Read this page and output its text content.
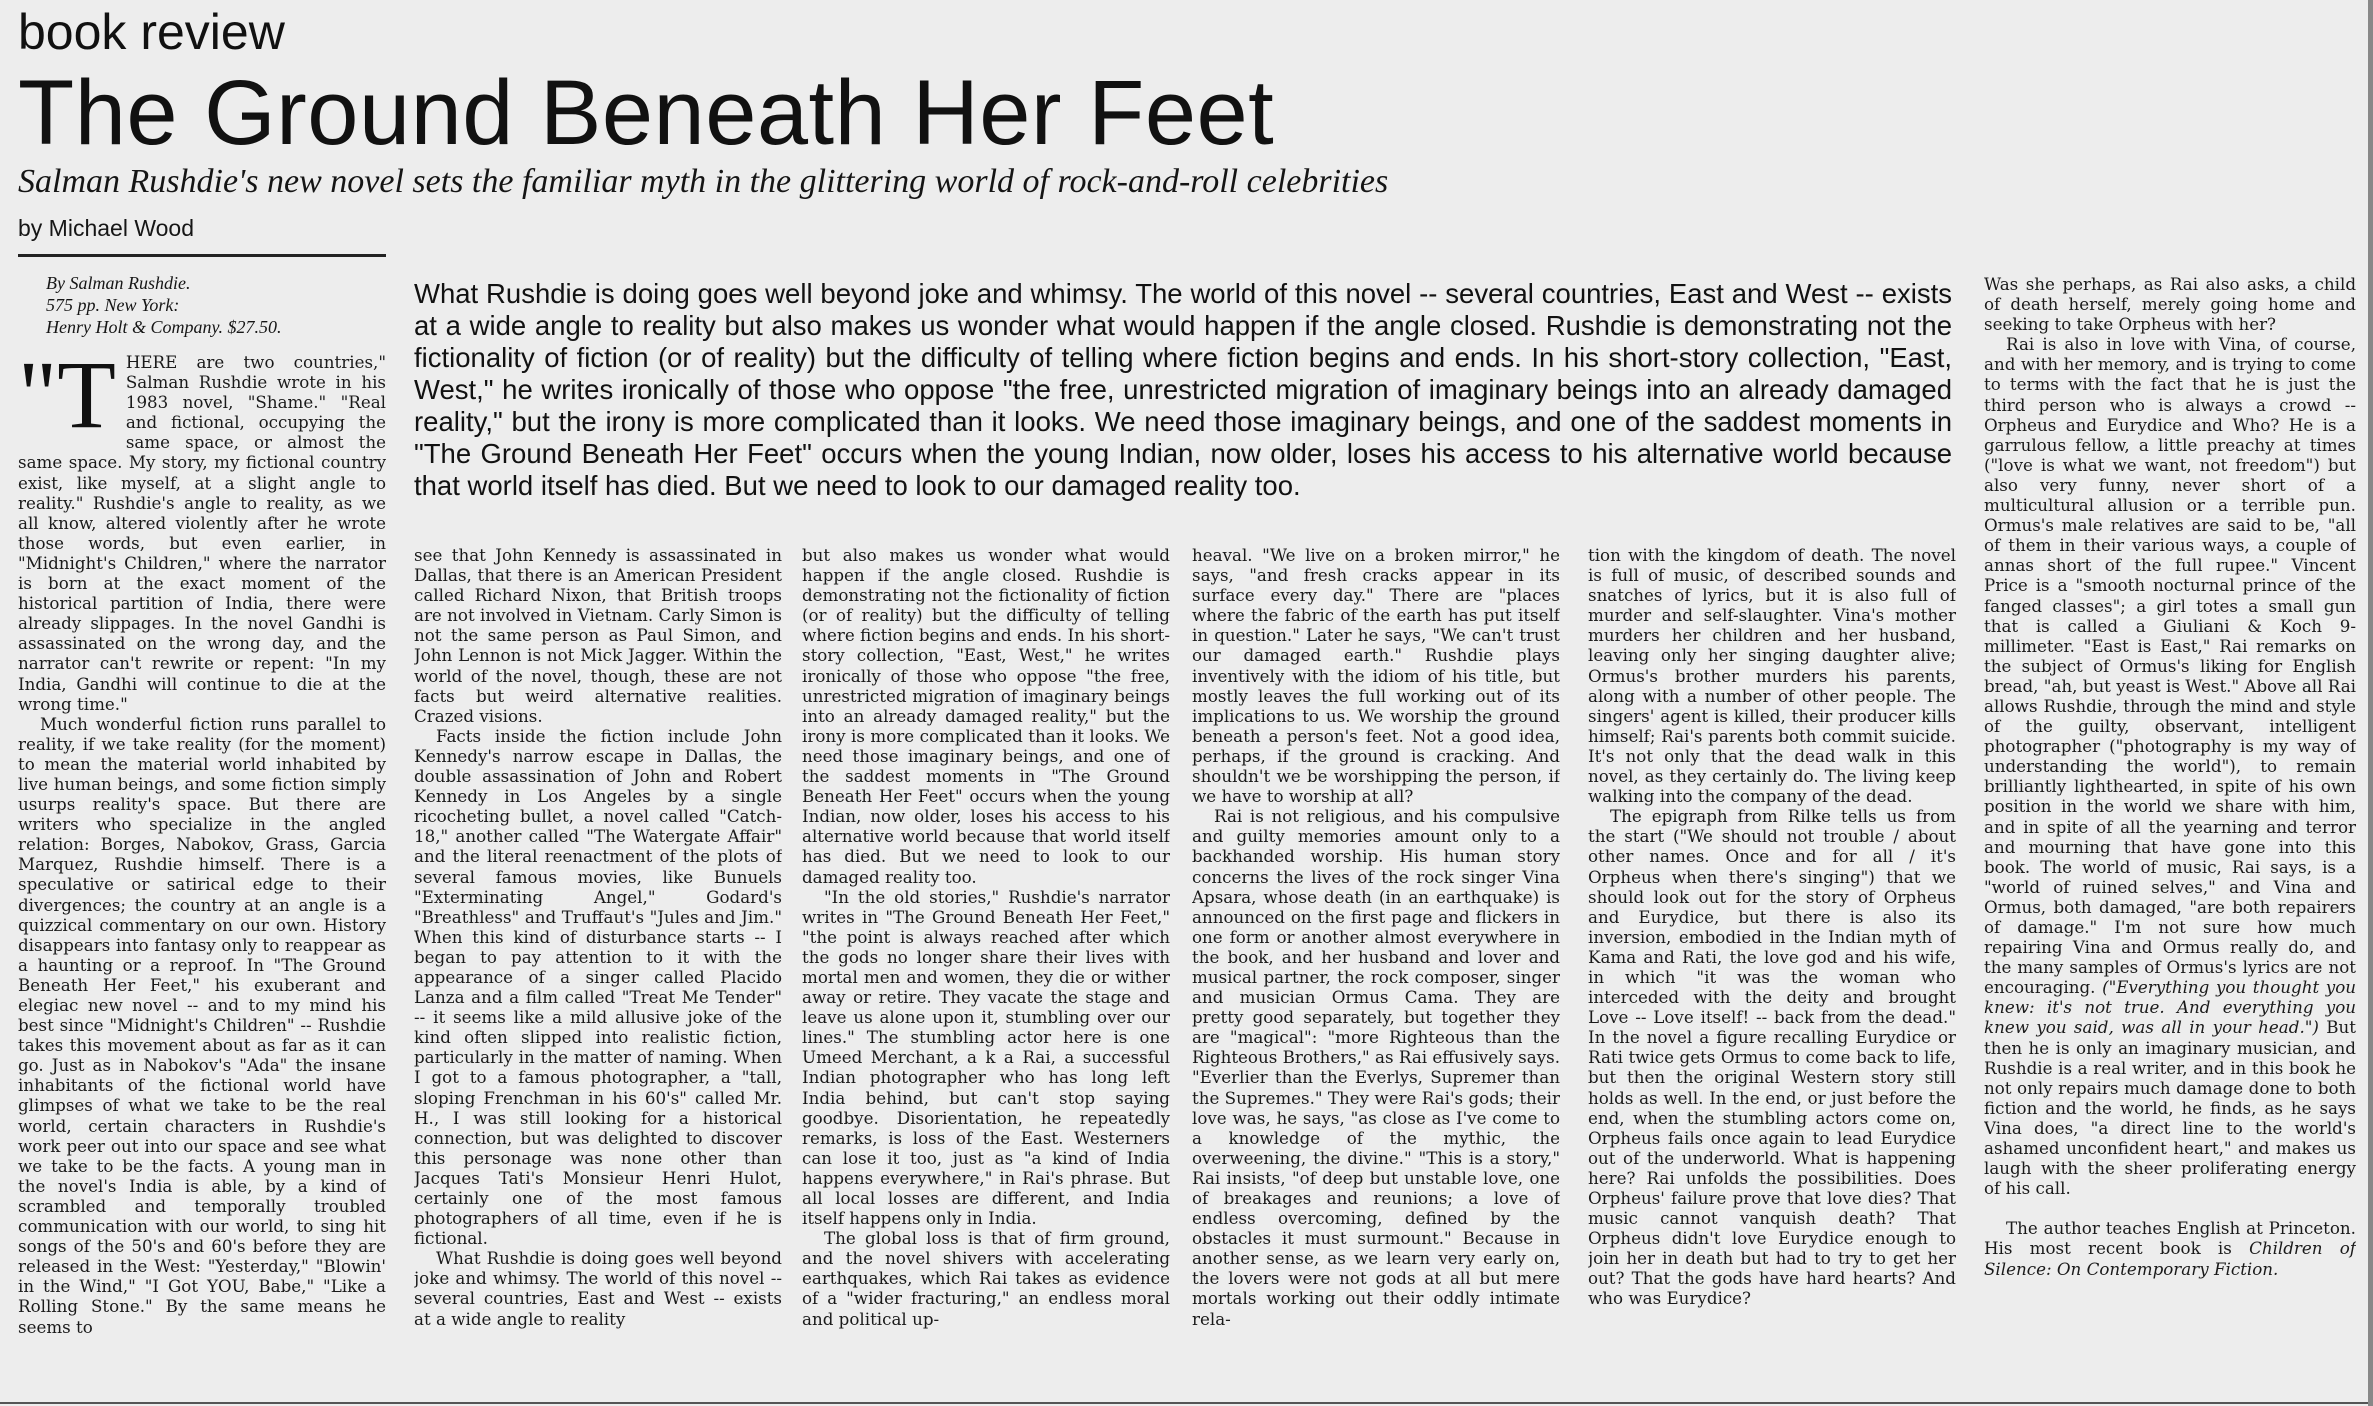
book review
The Ground Beneath Her Feet
Salman Rushdie's new novel sets the familiar myth in the glittering world of rock-and-roll celebrities
by Michael Wood
By Salman Rushdie.
575 pp. New York:
Henry Holt & Company. $27.50.
What Rushdie is doing goes well beyond joke and whimsy. The world of this novel -- several countries, East and West -- exists at a wide angle to reality but also makes us wonder what would happen if the angle closed. Rushdie is demonstrating not the fictionality of fiction (or of reality) but the difficulty of telling where fiction begins and ends. In his short-story collection, "East, West," he writes ironically of those who oppose "the free, unrestricted migration of imaginary beings into an already damaged reality," but the irony is more complicated than it looks. We need those imaginary beings, and one of the saddest moments in "The Ground Beneath Her Feet" occurs when the young Indian, now older, loses his access to his alternative world because that world itself has died. But we need to look to our damaged reality too.

"T HERE are two countries," Salman Rushdie wrote in his 1983 novel, "Shame." "Real and fictional, occupying the same space, or almost the same space. My story, my fictional country exist, like myself, at a slight angle to reality." Rushdie's angle to reality, as we all know, altered violently after he wrote those words, but even earlier, in "Midnight's Children," where the narrator is born at the exact moment of the historical partition of India, there were already slippages. In the novel Gandhi is assassinated on the wrong day, and the narrator can't rewrite or repent: "In my India, Gandhi will continue to die at the wrong time."

Much wonderful fiction runs parallel to reality, if we take reality (for the moment) to mean the material world inhabited by live human beings, and some fiction simply usurps reality's space. But there are writers who specialize in the angled relation: Borges, Nabokov, Grass, Garcia Marquez, Rushdie himself. There is a speculative or satirical edge to their divergences; the country at an angle is a quizzical commentary on our own. History disappears into fantasy only to reappear as a haunting or a reproof. In "The Ground Beneath Her Feet," his exuberant and elegiac new novel -- and to my mind his best since "Midnight's Children" -- Rushdie takes this movement about as far as it can go. Just as in Nabokov's "Ada" the insane inhabitants of the fictional world have glimpses of what we take to be the real world, certain characters in Rushdie's work peer out into our space and see what we take to be the facts. A young man in the novel's India is able, by a kind of scrambled and temporally troubled communication with our world, to sing hit songs of the 50's and 60's before they are released in the West: "Yesterday," "Blowin' in the Wind," "I Got YOU, Babe," "Like a Rolling Stone." By the same means he seems to

see that John Kennedy is assassinated in Dallas, that there is an American President called Richard Nixon, that British troops are not involved in Vietnam. Carly Simon is not the same person as Paul Simon, and John Lennon is not Mick Jagger. Within the world of the novel, though, these are not facts but weird alternative realities. Crazed visions.

Facts inside the fiction include John Kennedy's narrow escape in Dallas, the double assassination of John and Robert Kennedy in Los Angeles by a single ricocheting bullet, a novel called "Catch-18," another called "The Watergate Affair" and the literal reenactment of the plots of several famous movies, like Bunuels "Exterminating Angel," Godard's "Breathless" and Truffaut's "Jules and Jim." When this kind of disturbance starts -- I began to pay attention to it with the appearance of a singer called Placido Lanza and a film called "Treat Me Tender" -- it seems like a mild allusive joke of the kind often slipped into realistic fiction, particularly in the matter of naming. When I got to a famous photographer, a "tall, sloping Frenchman in his 60's" called Mr. H., I was still looking for a historical connection, but was delighted to discover this personage was none other than Jacques Tati's Monsieur Henri Hulot, certainly one of the most famous photographers of all time, even if he is fictional.

What Rushdie is doing goes well beyond joke and whimsy. The world of this novel -- several countries, East and West -- exists at a wide angle to reality

but also makes us wonder what would happen if the angle closed. Rushdie is demonstrating not the fictionality of fiction (or of reality) but the difficulty of telling where fiction begins and ends. In his short-story collection, "East, West," he writes ironically of those who oppose "the free, unrestricted migration of imaginary beings into an already damaged reality," but the irony is more complicated than it looks. We need those imaginary beings, and one of the saddest moments in "The Ground Beneath Her Feet" occurs when the young Indian, now older, loses his access to his alternative world because that world itself has died. But we need to look to our damaged reality too.

"In the old stories," Rushdie's narrator writes in "The Ground Beneath Her Feet," "the point is always reached after which the gods no longer share their lives with mortal men and women, they die or wither away or retire. They vacate the stage and leave us alone upon it, stumbling over our lines." The stumbling actor here is one Umeed Merchant, a k a Rai, a successful Indian photographer who has long left India behind, but can't stop saying goodbye. Disorientation, he repeatedly remarks, is loss of the East. Westerners can lose it too, just as "a kind of India happens everywhere," in Rai's phrase. But all local losses are different, and India itself happens only in India.

The global loss is that of firm ground, and the novel shivers with accelerating earthquakes, which Rai takes as evidence of a "wider fracturing," an endless moral and political up-

heaval. "We live on a broken mirror," he says, "and fresh cracks appear in its surface every day." There are "places where the fabric of the earth has put itself in question." Later he says, "We can't trust our damaged earth." Rushdie plays inventively with the idiom of his title, but mostly leaves the full working out of its implications to us. We worship the ground beneath a person's feet. Not a good idea, perhaps, if the ground is cracking. And shouldn't we be worshipping the person, if we have to worship at all?

Rai is not religious, and his compulsive and guilty memories amount only to a backhanded worship. His human story concerns the lives of the rock singer Vina Apsara, whose death (in an earthquake) is announced on the first page and flickers in one form or another almost everywhere in the book, and her husband and lover and musical partner, the rock composer, singer and musician Ormus Cama. They are pretty good separately, but together they are "magical": "more Righteous than the Righteous Brothers," as Rai effusively says. "Everlier than the Everlys, Supremer than the Supremes." They were Rai's gods; their love was, he says, "as close as I've come to a knowledge of the mythic, the overweening, the divine." "This is a story," Rai insists, "of deep but unstable love, one of breakages and reunions; a love of endless overcoming, defined by the obstacles it must surmount." Because in another sense, as we learn very early on, the lovers were not gods at all but mere mortals working out their oddly intimate rela-

tion with the kingdom of death. The novel is full of music, of described sounds and snatches of lyrics, but it is also full of murder and self-slaughter. Vina's mother murders her children and her husband, leaving only her singing daughter alive; Ormus's brother murders his parents, along with a number of other people. The singers' agent is killed, their producer kills himself; Rai's parents both commit suicide. It's not only that the dead walk in this novel, as they certainly do. The living keep walking into the company of the dead.

The epigraph from Rilke tells us from the start ("We should not trouble / about other names. Once and for all / it's Orpheus when there's singing") that we should look out for the story of Orpheus and Eurydice, but there is also its inversion, embodied in the Indian myth of Kama and Rati, the love god and his wife, in which "it was the woman who interceded with the deity and brought Love -- Love itself! -- back from the dead." In the novel a figure recalling Eurydice or Rati twice gets Ormus to come back to life, but then the original Western story still holds as well. In the end, or just before the end, when the stumbling actors come on, Orpheus fails once again to lead Eurydice out of the underworld. What is happening here? Rai unfolds the possibilities. Does Orpheus' failure prove that love dies? That music cannot vanquish death? That Orpheus didn't love Eurydice enough to join her in death but had to try to get her out? That the gods have hard hearts? And who was Eurydice?

Was she perhaps, as Rai also asks, a child of death herself, merely going home and seeking to take Orpheus with her?

Rai is also in love with Vina, of course, and with her memory, and is trying to come to terms with the fact that he is just the third person who is always a crowd -- Orpheus and Eurydice and Who? He is a garrulous fellow, a little preachy at times ("love is what we want, not freedom") but also very funny, never short of a multicultural allusion or a terrible pun. Ormus's male relatives are said to be, "all of them in their various ways, a couple of annas short of the full rupee." Vincent Price is a "smooth nocturnal prince of the fanged classes"; a girl totes a small gun that is called a Giuliani & Koch 9-millimeter. "East is East," Rai remarks on the subject of Ormus's liking for English bread, "ah, but yeast is West." Above all Rai allows Rushdie, through the mind and style of the guilty, observant, intelligent photographer ("photography is my way of understanding the world"), to remain brilliantly lighthearted, in spite of his own position in the world we share with him, and in spite of all the yearning and terror and mourning that have gone into this book. The world of music, Rai says, is a "world of ruined selves," and Vina and Ormus, both damaged, "are both repairers of damage." I'm not sure how much repairing Vina and Ormus really do, and the many samples of Ormus's lyrics are not encouraging. ("Everything you thought you knew: it's not true. And everything you knew you said, was all in your head.") But then he is only an imaginary musician, and Rushdie is a real writer, and in this book he not only repairs much damage done to both fiction and the world, he finds, as he says Vina does, "a direct line to the world's ashamed unconfident heart," and makes us laugh with the sheer proliferating energy of his call.

The author teaches English at Princeton. His most recent book is Children of Silence: On Contemporary Fiction.
